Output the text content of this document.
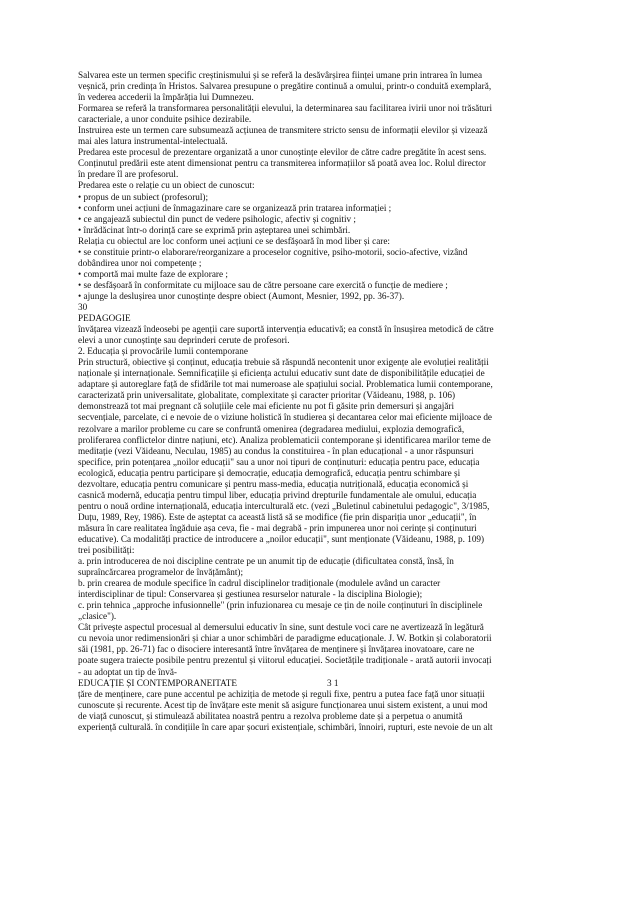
Salvarea este un termen specific creștinismului și se referă la desăvârșirea ființei umane prin intrarea în lumea
veșnică, prin credința în Hristos. Salvarea presupune o pregătire continuă a omului, printr-o conduită exemplară,
în vederea accederii la împărăția lui Dumnezeu.
Formarea se referă la transformarea personalității elevului, la determinarea sau facilitarea ivirii unor noi trăsături
caracteriale, a unor conduite psihice dezirabile.
Instruirea este un termen care subsumează acțiunea de transmitere stricto sensu de informații elevilor și vizează
mai ales latura instrumental-intelectuală.
Predarea este procesul de prezentare organizată a unor cunoștințe elevilor de către cadre pregătite în acest sens.
Conținutul predării este atent dimensionat pentru ca transmiterea informațiilor să poată avea loc. Rolul director
în predare îl are profesorul.
Predarea este o relație cu un obiect de cunoscut:
• propus de un subiect (profesorul);
• conform unei acțiuni de înmagazinare care se organizează prin tratarea informației ;
• ce angajează subiectul din punct de vedere psihologic, afectiv și cognitiv ;
• înrădăcinat într-o dorință care se exprimă prin așteptarea unei schimbări.
Relația cu obiectul are loc conform unei acțiuni ce se desfășoară în mod liber și care:
• se constituie printr-o elaborare/reorganizare a proceselor cognitive, psiho-motorii, socio-afective, vizând
dobândirea unor noi competențe ;
• comportă mai multe faze de explorare ;
• se desfășoară în conformitate cu mijloace sau de către persoane care exercită o funcție de mediere ;
• ajunge la deslușirea unor cunoștințe despre obiect (Aumont, Mesnier, 1992, pp. 36-37).
30
PEDAGOGIE
învățarea vizează îndeosebi pe agenții care suportă intervenția educativă; ea constă în însușirea metodică de către
elevi a unor cunoștințe sau deprinderi cerute de profesori.
2. Educația și provocările lumii contemporane
Prin structură, obiective și conținut, educația trebuie să răspundă necontenit unor exigențe ale evoluției realității
naționale și internaționale. Semnificațiile și eficiența actului educativ sunt date de disponibilitățile educației de
adaptare și autoreglare față de sfidările tot mai numeroase ale spațiului social. Problematica lumii contemporane,
caracterizată prin universalitate, globalitate, complexitate și caracter prioritar (Văideanu, 1988, p. 106)
demonstrează tot mai pregnant că soluțiile cele mai eficiente nu pot fi găsite prin demersuri și angajări
secvențiale, parcelate, ci e nevoie de o viziune holistică în studierea și decantarea celor mai eficiente mijloace de
rezolvare a marilor probleme cu care se confruntă omenirea (degradarea mediului, explozia demografică,
proliferarea conflictelor dintre națiuni, etc). Analiza problematicii contemporane și identificarea marilor teme de
meditație (vezi Văideanu, Neculau, 1985) au condus la constituirea - în plan educațional - a unor răspunsuri
specifice, prin potențarea „noilor educații" sau a unor noi tipuri de conținuturi: educația pentru pace, educația
ecologică, educația pentru participare și democrație, educația demografică, educația pentru schimbare și
dezvoltare, educația pentru comunicare și pentru mass-media, educația nutrițională, educația economică și
casnică modernă, educația pentru timpul liber, educația privind drepturile fundamentale ale omului, educația
pentru o nouă ordine internațională, educația interculturală etc. (vezi „Buletinul cabinetului pedagogic", 3/1985,
Duțu, 1989, Rey, 1986). Este de așteptat ca această listă să se modifice (fie prin dispariția unor „educații", în
măsura în care realitatea îngăduie așa ceva, fie - mai degrabă - prin impunerea unor noi cerințe și conținuturi
educative). Ca modalități practice de introducere a „noilor educații", sunt menționate (Văideanu, 1988, p. 109)
trei posibilități:
a. prin introducerea de noi discipline centrate pe un anumit tip de educație (dificultatea constă, însă, în
supraîncărcarea programelor de învățământ);
b. prin crearea de module specifice în cadrul disciplinelor tradiționale (modulele având un caracter
interdisciplinar de tipul: Conservarea și gestiunea resurselor naturale - la disciplina Biologie);
c. prin tehnica „approche infusionnelle" (prin infuzionarea cu mesaje ce țin de noile conținuturi în disciplinele
„clasice").
Cât privește aspectul procesual al demersului educativ în sine, sunt destule voci care ne avertizează în legătură
cu nevoia unor redimensionări și chiar a unor schimbări de paradigme educaționale. J. W. Botkin și colaboratorii
săi (1981, pp. 26-71) fac o disociere interesantă între învățarea de menținere și învățarea inovatoare, care ne
poate sugera traiecte posibile pentru prezentul și viitorul educației. Societățile tradiționale - arată autorii invocați
- au adoptat un tip de învă-
EDUCAȚIE ȘI CONTEMPORANEITATE	3 1
țăre de menținere, care pune accentul pe achiziția de metode și reguli fixe, pentru a putea face față unor situații
cunoscute și recurente. Acest tip de învățare este menit să asigure funcționarea unui sistem existent, a unui mod
de viață cunoscut, și stimulează abilitatea noastră pentru a rezolva probleme date și a perpetua o anumită
experiență culturală. în condițiile în care apar șocuri existențiale, schimbări, înnoiri, rupturi, este nevoie de un alt
